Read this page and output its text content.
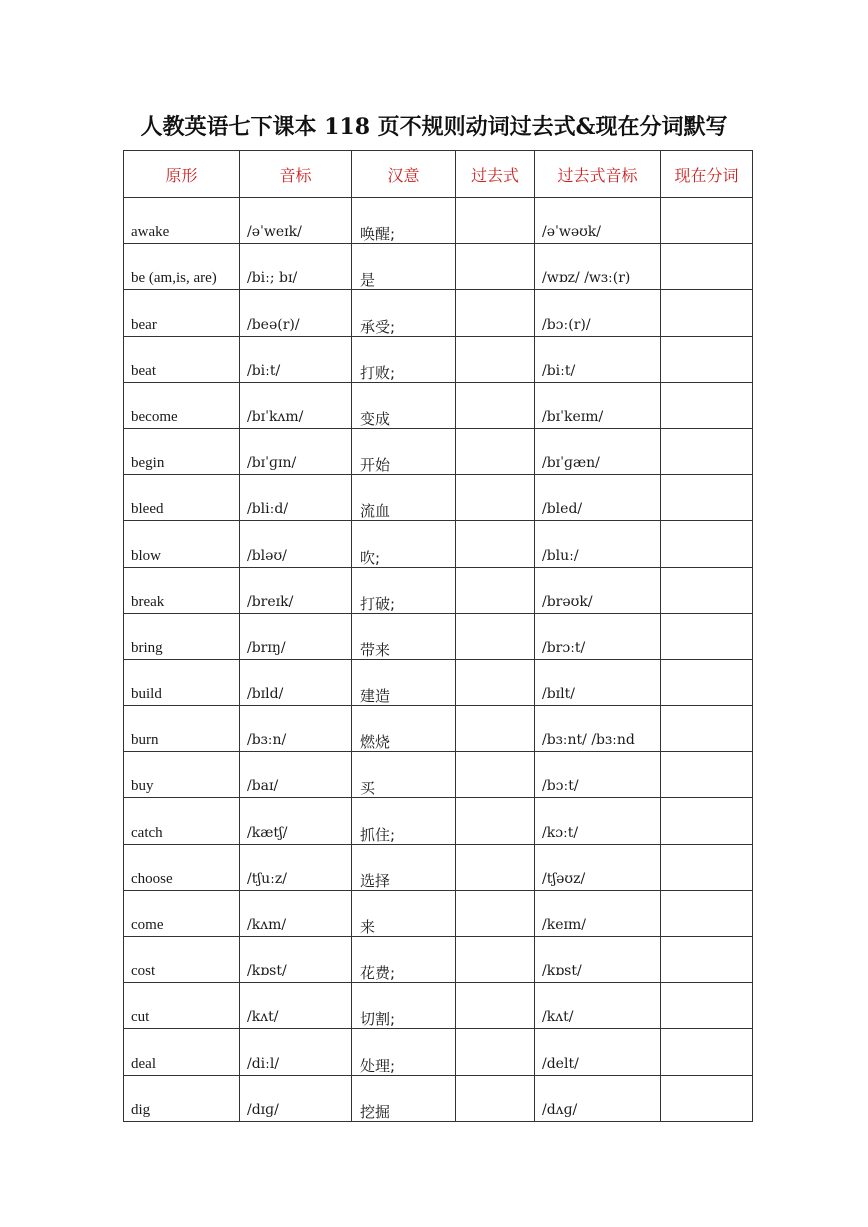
人教英语七下课本 118 页不规则动词过去式&现在分词默写
原形	音标	汉意	过去式	过去式音标	现在分词

awake	/əˈweɪk/	唤醒;		/əˈwəʊk/	

be (am,is, are)	/biː; bɪ/	是		/wɒz/ /wɜː(r)	

bear	/beə(r)/	承受;		/bɔː(r)/	

beat	/biːt/	打败;		/biːt/	

become	/bɪˈkʌm/	变成		/bɪˈkeɪm/	

begin	/bɪˈɡɪn/	开始		/bɪˈɡæn/	

bleed	/bliːd/	流血		/bled/	

blow	/bləʊ/	吹;		/bluː/	

break	/breɪk/	打破;		/brəʊk/	

bring	/brɪŋ/	带来		/brɔːt/	

build	/bɪld/	建造		/bɪlt/	

burn	/bɜːn/	燃烧		/bɜːnt/ /bɜːnd	

buy	/baɪ/	买		/bɔːt/	

catch	/kætʃ/	抓住;		/kɔːt/	

choose	/tʃuːz/	选择		/tʃəʊz/	

come	/kʌm/	来		/keɪm/	

cost	/kɒst/	花费;		/kɒst/	

cut	/kʌt/	切割;		/kʌt/	

deal	/diːl/	处理;		/delt/	

dig	/dɪɡ/	挖掘		/dʌɡ/	
